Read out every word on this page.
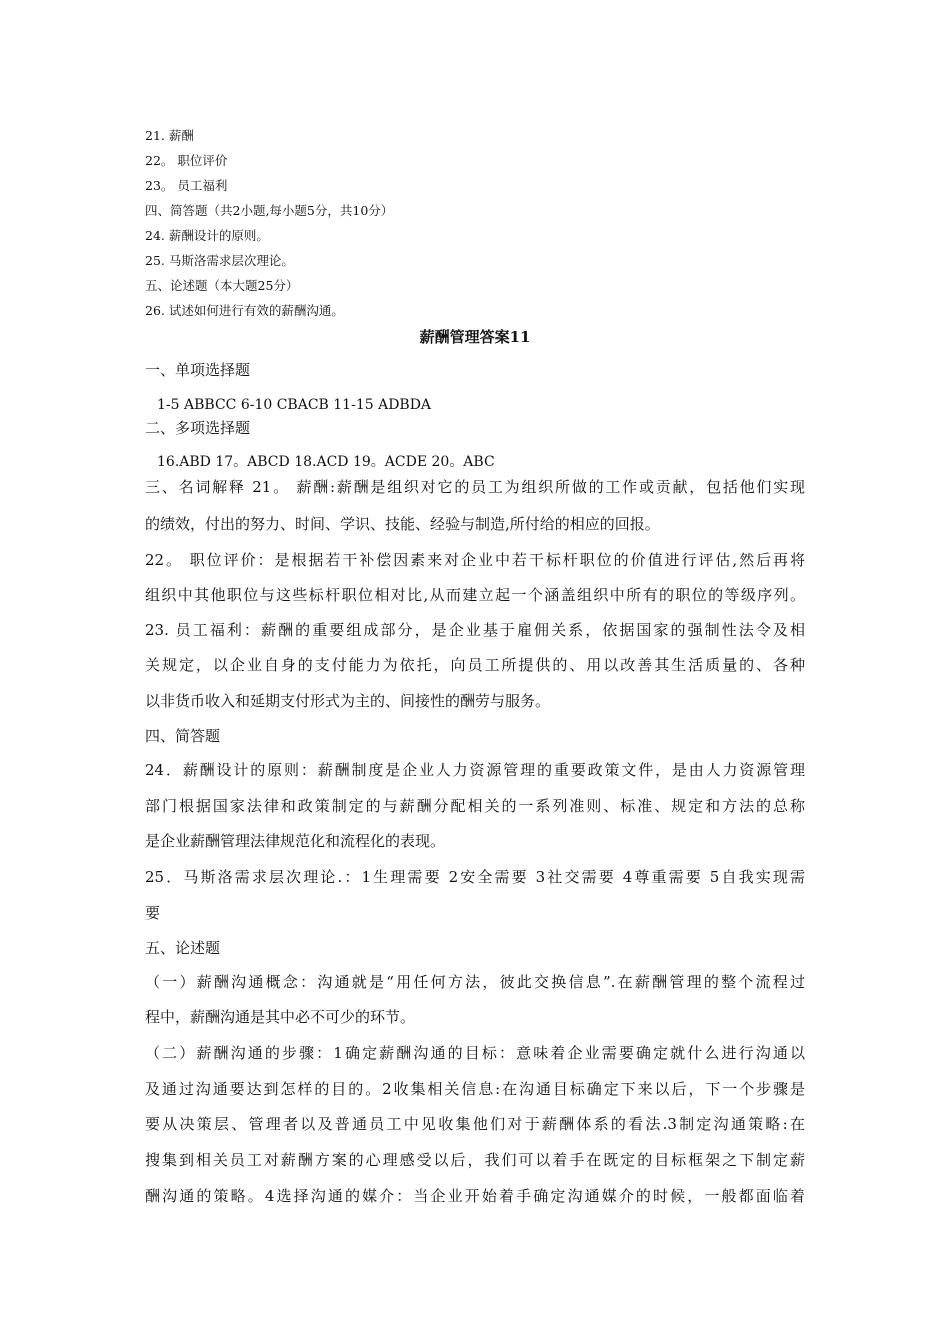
21. 薪酬
22。 职位评价
23。 员工福利
四、简答题（共2小题,每小题5分，共10分）
24. 薪酬设计的原则。
25. 马斯洛需求层次理论。
五、论述题（本大题25分）
26. 试述如何进行有效的薪酬沟通。
薪酬管理答案11
一、单项选择题
1-5 ABBCC 6-10 CBACB 11-15 ADBDA
二、多项选择题
16.ABD 17。ABCD 18.ACD 19。ACDE 20。ABC
三、名词解释 21。 薪酬:薪酬是组织对它的员工为组织所做的工作或贡献，包括他们实现
的绩效，付出的努力、时间、学识、技能、经验与制造,所付给的相应的回报。
22。 职位评价：是根据若干补偿因素来对企业中若干标杆职位的价值进行评估,然后再将
组织中其他职位与这些标杆职位相对比,从而建立起一个涵盖组织中所有的职位的等级序列。
23. 员工福利：薪酬的重要组成部分，是企业基于雇佣关系，依据国家的强制性法令及相
关规定，以企业自身的支付能力为依托，向员工所提供的、用以改善其生活质量的、各种
以非货币收入和延期支付形式为主的、间接性的酬劳与服务。
四、简答题
24．薪酬设计的原则：薪酬制度是企业人力资源管理的重要政策文件，是由人力资源管理
部门根据国家法律和政策制定的与薪酬分配相关的一系列准则、标准、规定和方法的总称
是企业薪酬管理法律规范化和流程化的表现。
25．马斯洛需求层次理论.：1生理需要 2安全需要 3社交需要 4尊重需要 5自我实现需
要
五、论述题
（一）薪酬沟通概念：沟通就是“用任何方法，彼此交换信息”.在薪酬管理的整个流程过
程中，薪酬沟通是其中必不可少的环节。
（二）薪酬沟通的步骤：1确定薪酬沟通的目标：意味着企业需要确定就什么进行沟通以
及通过沟通要达到怎样的目的。2收集相关信息:在沟通目标确定下来以后，下一个步骤是
要从决策层、管理者以及普通员工中见收集他们对于薪酬体系的看法.3制定沟通策略:在
搜集到相关员工对薪酬方案的心理感受以后，我们可以着手在既定的目标框架之下制定薪
酬沟通的策略。4选择沟通的媒介：当企业开始着手确定沟通媒介的时候，一般都面临着
